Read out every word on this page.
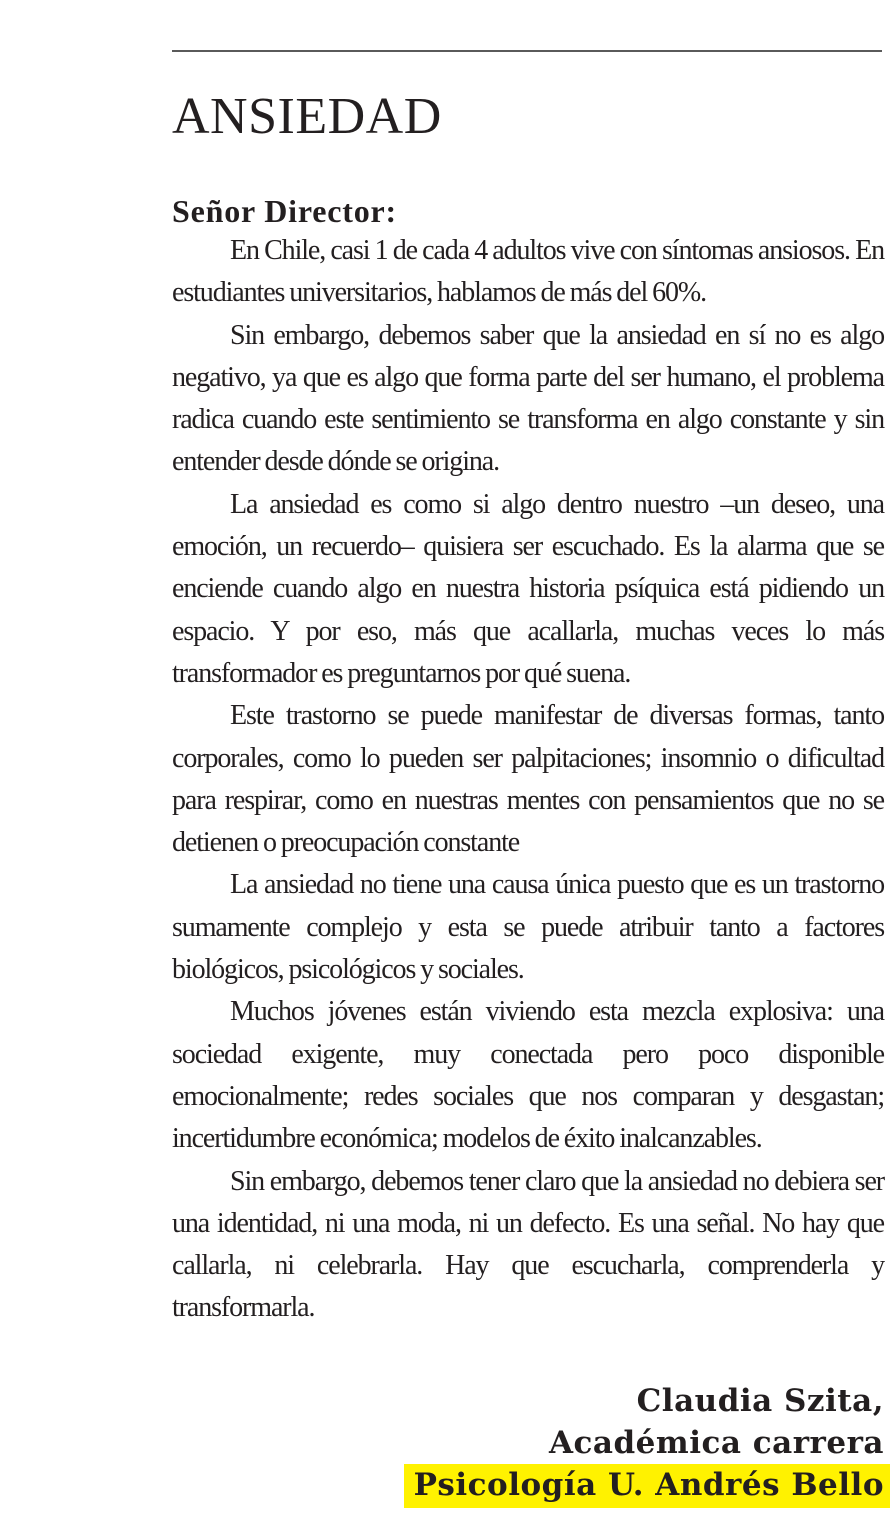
ANSIEDAD

Señor Director:

En Chile, casi 1 de cada 4 adultos vive con síntomas ansiosos. En estudiantes universitarios, hablamos de más del 60%.

Sin embargo, debemos saber que la ansiedad en sí no es algo negativo, ya que es algo que forma parte del ser humano, el problema radica cuando este sentimiento se transforma en algo constante y sin entender desde dónde se origina.

La ansiedad es como si algo dentro nuestro –un deseo, una emoción, un recuerdo– quisiera ser escuchado. Es la alarma que se enciende cuando algo en nuestra historia psíquica está pidiendo un espacio. Y por eso, más que acallarla, muchas veces lo más transformador es preguntarnos por qué suena.

Este trastorno se puede manifestar de diversas formas, tanto corporales, como lo pueden ser palpitaciones; insomnio o dificultad para respirar, como en nuestras mentes con pensamientos que no se detienen o preocupación constante

La ansiedad no tiene una causa única puesto que es un trastorno sumamente complejo y esta se puede atribuir tanto a factores biológicos, psicológicos y sociales.

Muchos jóvenes están viviendo esta mezcla explosiva: una sociedad exigente, muy conectada pero poco disponible emocionalmente; redes sociales que nos comparan y desgastan; incertidumbre económica; modelos de éxito inalcanzables.

Sin embargo, debemos tener claro que la ansiedad no debiera ser una identidad, ni una moda, ni un defecto. Es una señal. No hay que callarla, ni celebrarla. Hay que escucharla, comprenderla y transformarla.

Claudia Szita,
Académica carrera
Psicología U. Andrés Bello
